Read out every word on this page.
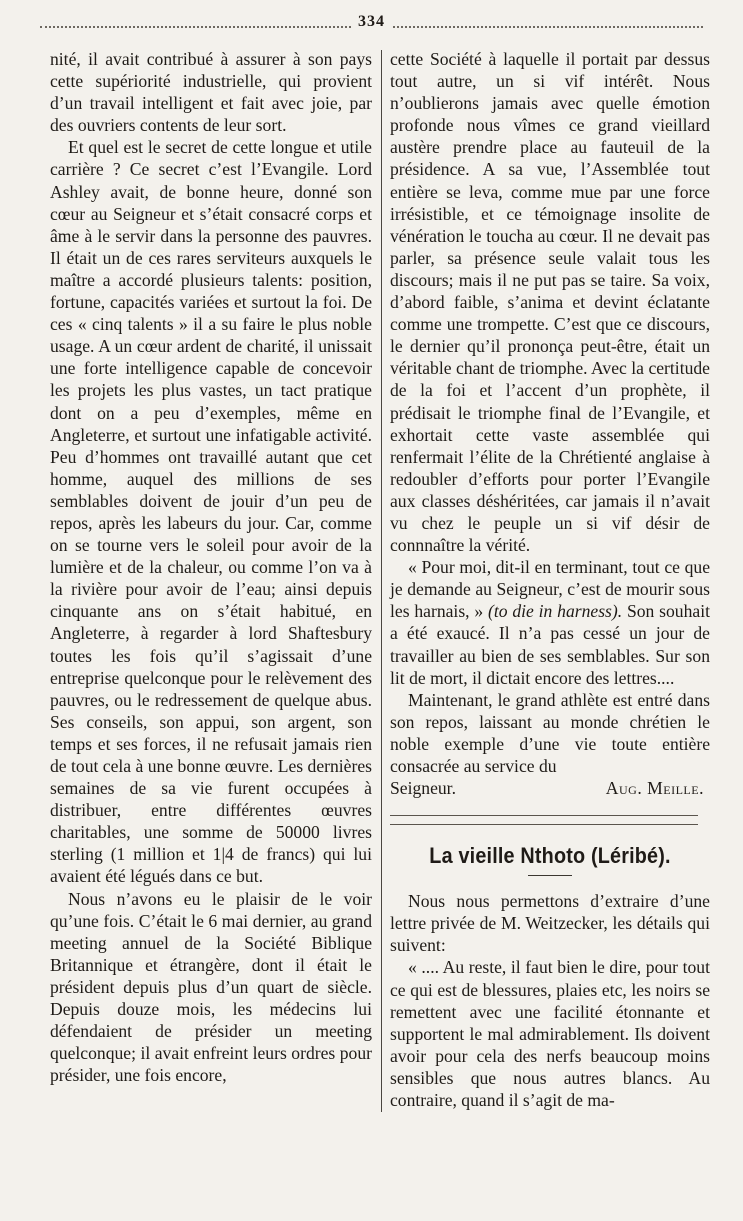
334

nité, il avait contribué à assurer à son pays cette supériorité industrielle, qui provient d’un travail intelligent et fait avec joie, par des ouvriers contents de leur sort.

Et quel est le secret de cette longue et utile carrière ? Ce secret c’est l’Evangile. Lord Ashley avait, de bonne heure, donné son cœur au Seigneur et s’était consacré corps et âme à le servir dans la personne des pauvres. Il était un de ces rares serviteurs auxquels le maître a accordé plusieurs talents: position, fortune, capacités variées et surtout la foi. De ces « cinq talents » il a su faire le plus noble usage. A un cœur ardent de charité, il unissait une forte intelligence capable de concevoir les projets les plus vastes, un tact pratique dont on a peu d’exemples, même en Angleterre, et surtout une infatigable activité. Peu d’hommes ont travaillé autant que cet homme, auquel des millions de ses semblables doivent de jouir d’un peu de repos, après les labeurs du jour. Car, comme on se tourne vers le soleil pour avoir de la lumière et de la chaleur, ou comme l’on va à la rivière pour avoir de l’eau; ainsi depuis cinquante ans on s’était habitué, en Angleterre, à regarder à lord Shaftesbury toutes les fois qu’il s’agissait d’une entreprise quelconque pour le relèvement des pauvres, ou le redressement de quelque abus. Ses conseils, son appui, son argent, son temps et ses forces, il ne refusait jamais rien de tout cela à une bonne œuvre. Les dernières semaines de sa vie furent occupées à distribuer, entre différentes œuvres charitables, une somme de 50000 livres sterling (1 million et 1|4 de francs) qui lui avaient été légués dans ce but.

Nous n’avons eu le plaisir de le voir qu’une fois. C’était le 6 mai dernier, au grand meeting annuel de la Société Biblique Britannique et étrangère, dont il était le président depuis plus d’un quart de siècle. Depuis douze mois, les médecins lui défendaient de présider un meeting quelconque; il avait enfreint leurs ordres pour présider, une fois encore,

cette Société à laquelle il portait par dessus tout autre, un si vif intérêt. Nous n’oublierons jamais avec quelle émotion profonde nous vîmes ce grand vieillard austère prendre place au fauteuil de la présidence. A sa vue, l’Assemblée tout entière se leva, comme mue par une force irrésistible, et ce témoignage insolite de vénération le toucha au cœur. Il ne devait pas parler, sa présence seule valait tous les discours; mais il ne put pas se taire. Sa voix, d’abord faible, s’anima et devint éclatante comme une trompette. C’est que ce discours, le dernier qu’il prononça peut-être, était un véritable chant de triomphe. Avec la certitude de la foi et l’accent d’un prophète, il prédisait le triomphe final de l’Evangile, et exhortait cette vaste assemblée qui renfermait l’élite de la Chrétienté anglaise à redoubler d’efforts pour porter l’Evangile aux classes déshéritées, car jamais il n’avait vu chez le peuple un si vif désir de connnaître la vérité.

« Pour moi, dit-il en terminant, tout ce que je demande au Seigneur, c’est de mourir sous les harnais, » (to die in harness). Son souhait a été exaucé. Il n’a pas cessé un jour de travailler au bien de ses semblables. Sur son lit de mort, il dictait encore des lettres....

Maintenant, le grand athlète est entré dans son repos, laissant au monde chrétien le noble exemple d’une vie toute entière consacrée au service du

Seigneur.	Aug. Meille.
La vieille Nthoto (Léribé).

Nous nous permettons d’extraire d’une lettre privée de M. Weitzecker, les détails qui suivent:

« .... Au reste, il faut bien le dire, pour tout ce qui est de blessures, plaies etc, les noirs se remettent avec une facilité étonnante et supportent le mal admirablement. Ils doivent avoir pour cela des nerfs beaucoup moins sensibles que nous autres blancs. Au contraire, quand il s’agit de ma-
